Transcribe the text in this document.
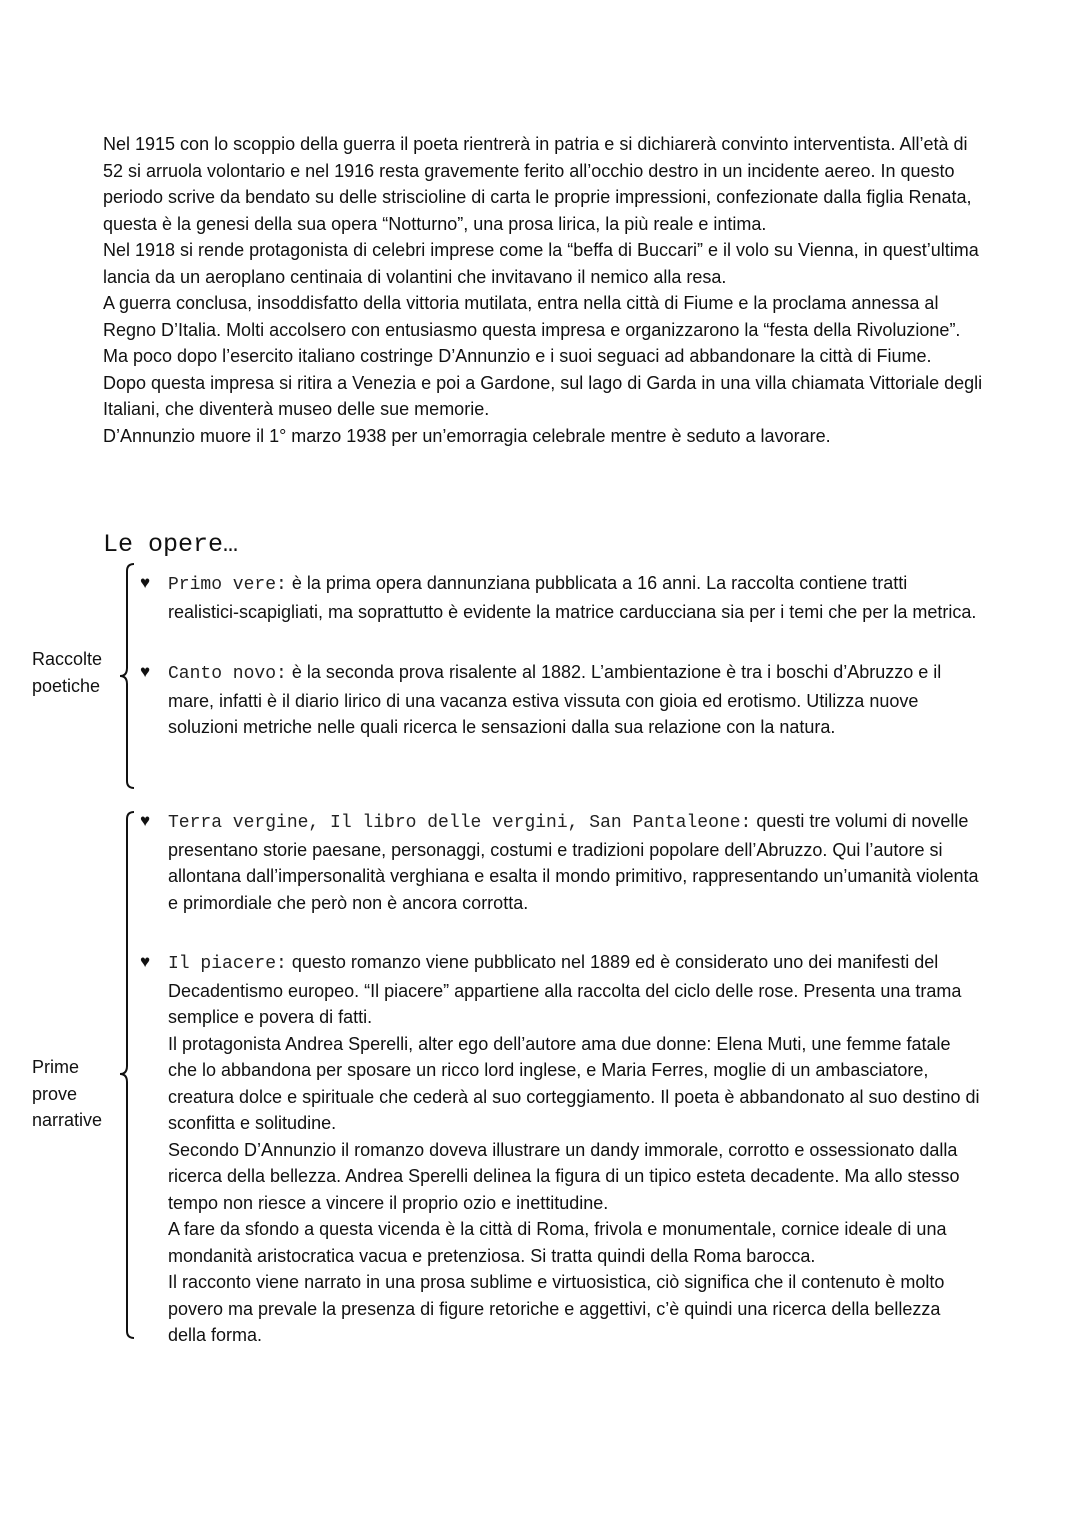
Nel 1915 con lo scoppio della guerra il poeta rientrerà in patria e si dichiarerà convinto interventista. All’età di 52 si arruola volontario e nel 1916 resta gravemente ferito all’occhio destro in un incidente aereo. In questo periodo scrive da bendato su delle striscioline di carta le proprie impressioni, confezionate dalla figlia Renata, questa è la genesi della sua opera “Notturno”, una prosa lirica, la più reale e intima.

Nel 1918 si rende protagonista di celebri imprese come la “beffa di Buccari” e il volo su Vienna, in quest’ultima lancia da un aeroplano centinaia di volantini che invitavano il nemico alla resa.

A guerra conclusa, insoddisfatto della vittoria mutilata, entra nella città di Fiume e la proclama annessa al Regno D’Italia. Molti accolsero con entusiasmo questa impresa e organizzarono la “festa della Rivoluzione”. Ma poco dopo l’esercito italiano costringe D’Annunzio e i suoi seguaci ad abbandonare la città di Fiume.

Dopo questa impresa si ritira a Venezia e poi a Gardone, sul lago di Garda in una villa chiamata Vittoriale degli Italiani, che diventerà museo delle sue memorie.

D’Annunzio muore il 1° marzo 1938 per un’emorragia celebrale mentre è seduto a lavorare.

Le opere…
Raccolte
poetiche
♥ Primo vere: è la prima opera dannunziana pubblicata a 16 anni. La raccolta contiene tratti realistici-scapigliati, ma soprattutto è evidente la matrice carducciana sia per i temi che per la metrica.

♥ Canto novo: è la seconda prova risalente al 1882. L’ambientazione è tra i boschi d’Abruzzo e il mare, infatti è il diario lirico di una vacanza estiva vissuta con gioia ed erotismo. Utilizza nuove soluzioni metriche nelle quali ricerca le sensazioni dalla sua relazione con la natura.

Prime
prove
narrative
♥ Terra vergine, Il libro delle vergini, San Pantaleone: questi tre volumi di novelle presentano storie paesane, personaggi, costumi e tradizioni popolare dell’Abruzzo. Qui l’autore si allontana dall’impersonalità verghiana e esalta il mondo primitivo, rappresentando un’umanità violenta e primordiale che però non è ancora corrotta.

♥ Il piacere: questo romanzo viene pubblicato nel 1889 ed è considerato uno dei manifesti del Decadentismo europeo. “Il piacere” appartiene alla raccolta del ciclo delle rose. Presenta una trama semplice e povera di fatti.

Il protagonista Andrea Sperelli, alter ego dell’autore ama due donne: Elena Muti, une femme fatale che lo abbandona per sposare un ricco lord inglese, e Maria Ferres, moglie di un ambasciatore, creatura dolce e spirituale che cederà al suo corteggiamento. Il poeta è abbandonato al suo destino di sconfitta e solitudine.

Secondo D’Annunzio il romanzo doveva illustrare un dandy immorale, corrotto e ossessionato dalla ricerca della bellezza. Andrea Sperelli delinea la figura di un tipico esteta decadente. Ma allo stesso tempo non riesce a vincere il proprio ozio e inettitudine.

A fare da sfondo a questa vicenda è la città di Roma, frivola e monumentale, cornice ideale di una mondanità aristocratica vacua e pretenziosa. Si tratta quindi della Roma barocca.

Il racconto viene narrato in una prosa sublime e virtuosistica, ciò significa che il contenuto è molto povero ma prevale la presenza di figure retoriche e aggettivi, c’è quindi una ricerca della bellezza della forma.
